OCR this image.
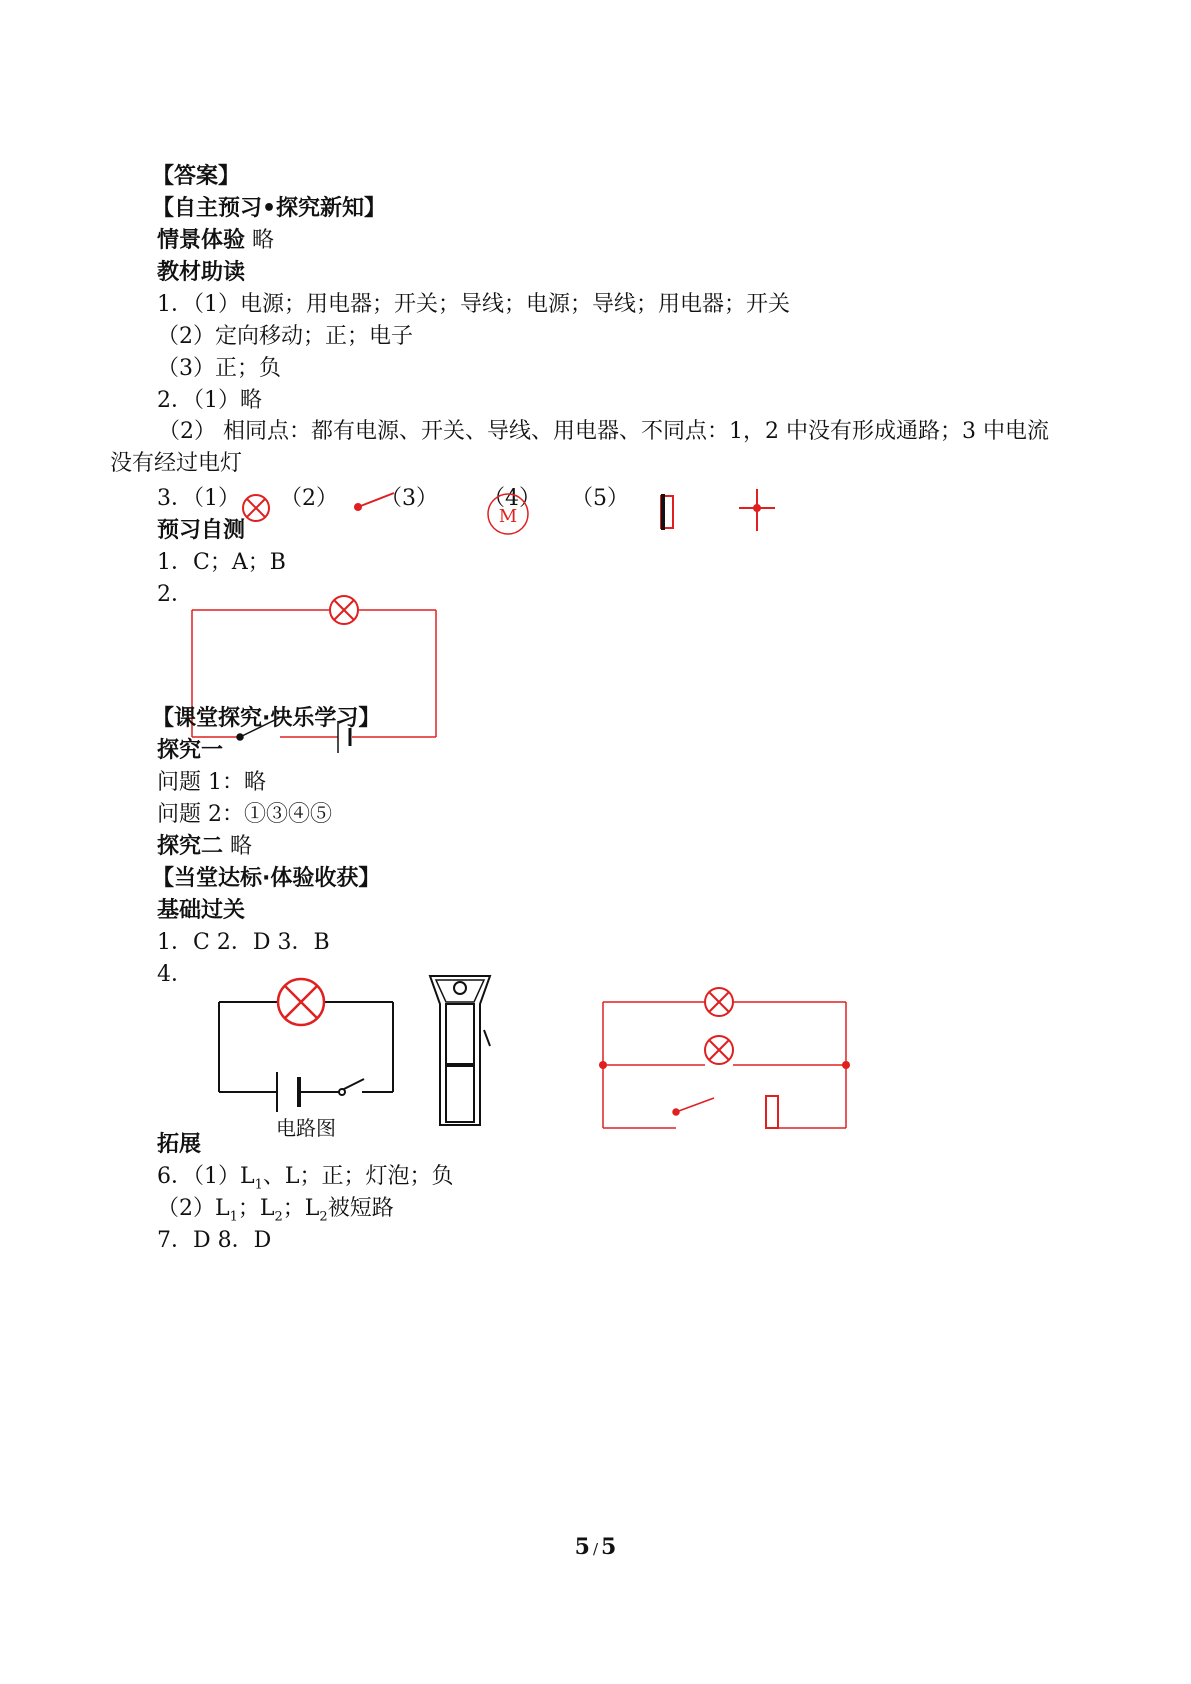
【答案】
【自主预习•探究新知】
情景体验 略
教材助读
1．（1）电源；用电器；开关；导线；电源；导线；用电器；开关
（2）定向移动；正；电子
（3）正；负
2．（1）略
（2） 相同点：都有电源、开关、导线、用电器、不同点：1，2 中没有形成通路；3 中电流没有经过电灯
3．（1） （2） （3） （4） （5）
M
预习自测
1．C；A；B
2．
【课堂探究·快乐学习】
探究一
问题 1：略
问题 2：①③④⑤
探究二 略
【当堂达标·体验收获】
基础过关
1．C 2．D 3．B
4．
电路图
拓展
6．$(1)L_1$、L；正；灯泡；负
$(2)L_1$；$L_2$；$L_2$被短路
7．D 8．D
5 / 5
